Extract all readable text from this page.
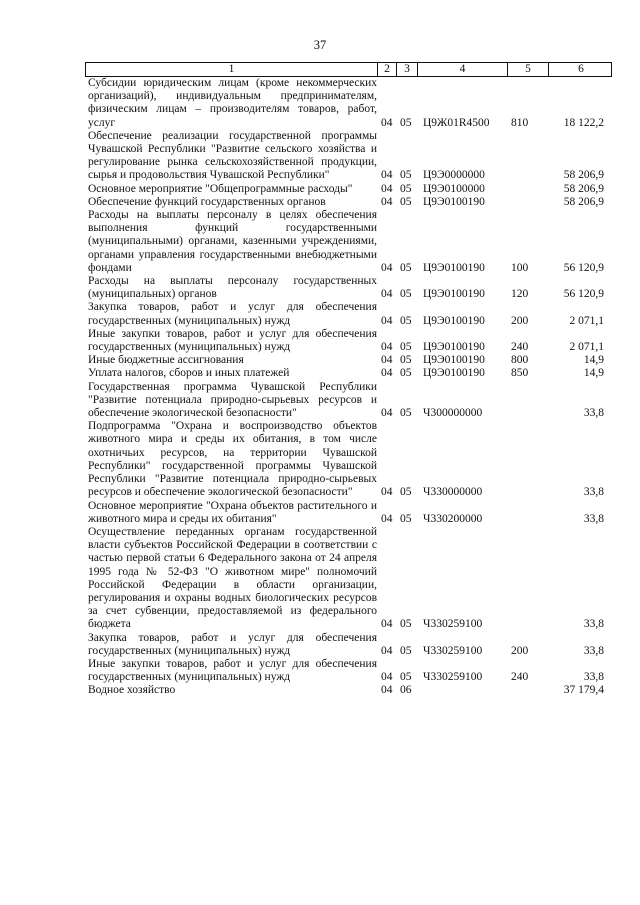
37
1	2	3	4	5	6
Субсидии юридическим лицам (кроме некоммерческих организаций), индивидуальным предпринимателям, физическим лицам – производителям товаров, работ, услуг	04 05 Ц9Ж01R4500 810	18 122,2
Обеспечение реализации государственной программы Чувашской Республики "Развитие сельского хозяйства и регулирование рынка сельскохозяйственной продукции, сырья и продовольствия Чувашской Республики"	04 05 Ц9Э0000000	58 206,9
Основное мероприятие "Общепрограммные расходы"	04 05 Ц9Э0100000	58 206,9
Обеспечение функций государственных органов	04 05 Ц9Э0100190	58 206,9
Расходы на выплаты персоналу в целях обеспечения выполнения функций государственными (муниципальными) органами, казенными учреждениями, органами управления государственными внебюджетными фондами	04 05 Ц9Э0100190 100	56 120,9
Расходы на выплаты персоналу государственных (муниципальных) органов	04 05 Ц9Э0100190 120	56 120,9
Закупка товаров, работ и услуг для обеспечения государственных (муниципальных) нужд	04 05 Ц9Э0100190 200	2 071,1
Иные закупки товаров, работ и услуг для обеспечения государственных (муниципальных) нужд	04 05 Ц9Э0100190 240	2 071,1
Иные бюджетные ассигнования	04 05 Ц9Э0100190 800	14,9
Уплата налогов, сборов и иных платежей	04 05 Ц9Э0100190 850	14,9
Государственная программа Чувашской Республики "Развитие потенциала природно-сырьевых ресурсов и обеспечение экологической безопасности"	04 05 Ч300000000	33,8
Подпрограмма "Охрана и воспроизводство объектов животного мира и среды их обитания, в том числе охотничьих ресурсов, на территории Чувашской Республики" государственной программы Чувашской Республики "Развитие потенциала природно-сырьевых ресурсов и обеспечение экологической безопасности"	04 05 Ч330000000	33,8
Основное мероприятие "Охрана объектов растительного и животного мира и среды их обитания"	04 05 Ч330200000	33,8
Осуществление переданных органам государственной власти субъектов Российской Федерации в соответствии с частью первой статьи 6 Федерального закона от 24 апреля 1995 года № 52-ФЗ "О животном мире" полномочий Российской Федерации в области организации, регулирования и охраны водных биологических ресурсов за счет субвенции, предоставляемой из федерального бюджета	04 05 Ч330259100	33,8
Закупка товаров, работ и услуг для обеспечения государственных (муниципальных) нужд	04 05 Ч330259100	200	33,8
Иные закупки товаров, работ и услуг для обеспечения государственных (муниципальных) нужд	04 05 Ч330259100	240	33,8
Водное хозяйство	04 06	37 179,4
